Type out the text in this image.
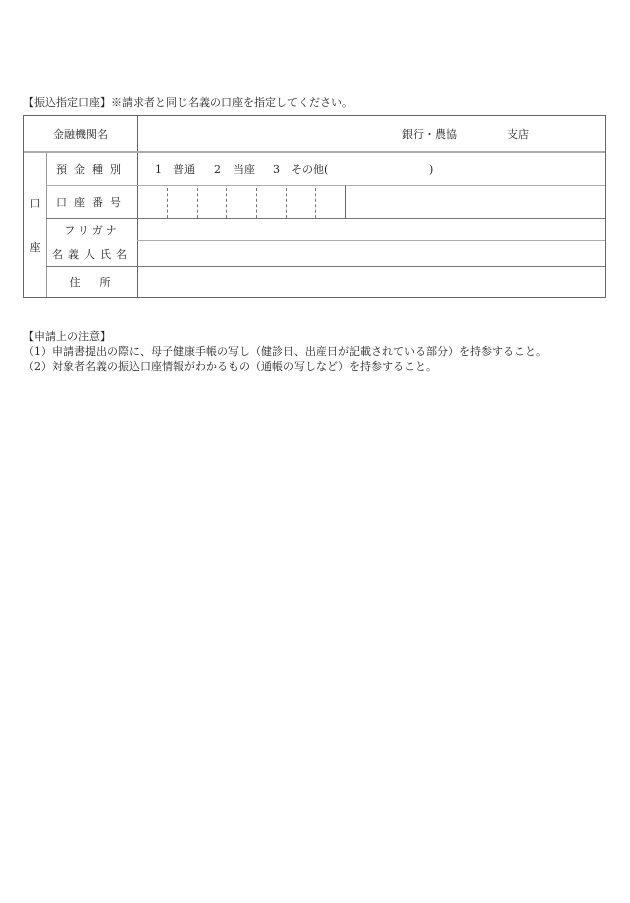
【振込指定口座】※請求者と同じ名義の口座を指定してください。
金融機関名	銀行・農協	支店
口
座
預金種別	1 普通 2 当座 3 その他(	)
口座番号
フリガナ
名義人氏名
住　所
【申請上の注意】
（1）申請書提出の際に、母子健康手帳の写し（健診日、出産日が記載されている部分）を持参すること。
（2）対象者名義の振込口座情報がわかるもの（通帳の写しなど）を持参すること。
